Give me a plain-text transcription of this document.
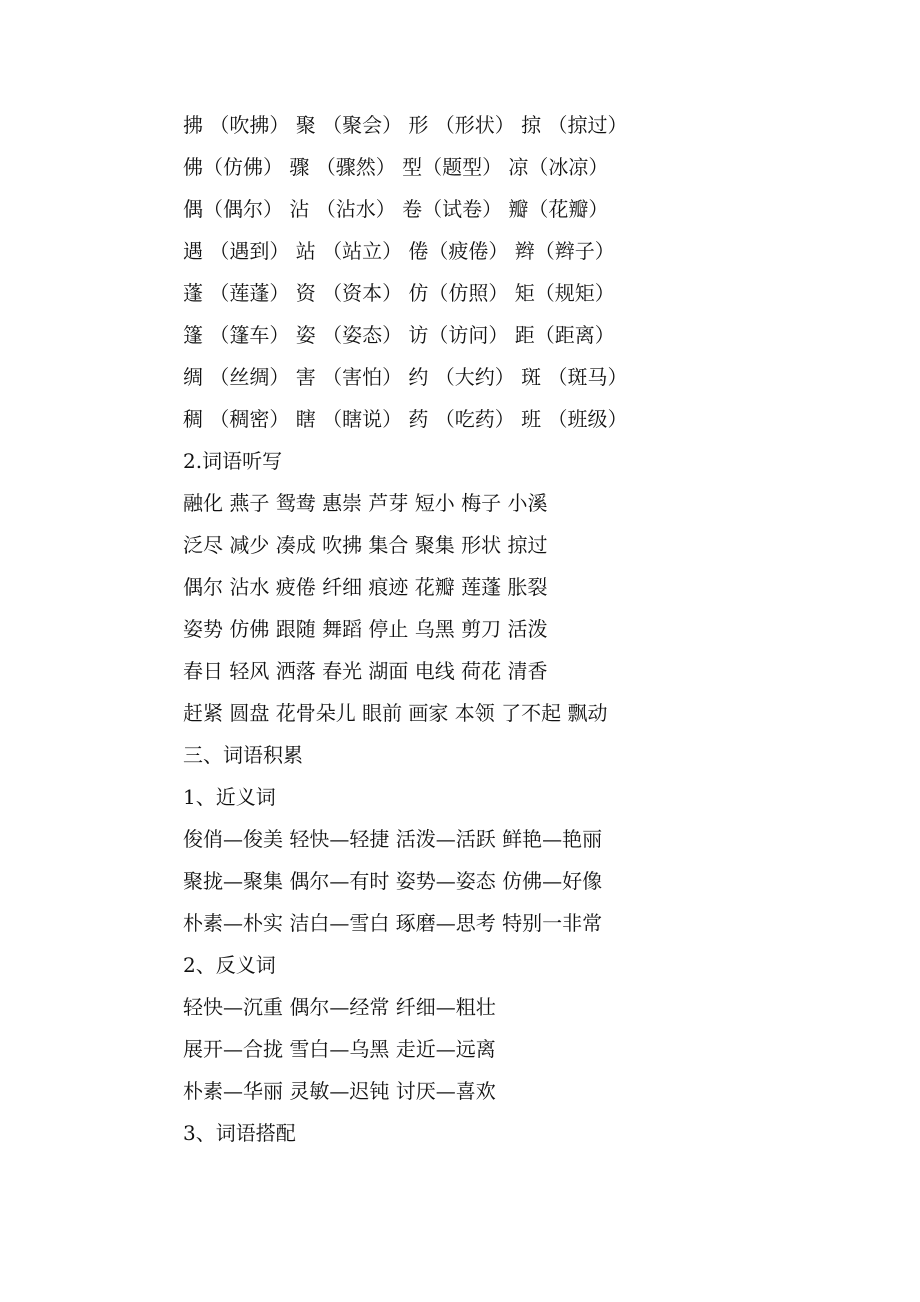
拂 （吹拂） 聚 （聚会） 形 （形状） 掠 （掠过）
佛（仿佛） 骤 （骤然） 型（题型） 凉（冰凉）
偶（偶尔） 沾 （沾水） 卷（试卷） 瓣（花瓣）
遇 （遇到） 站 （站立） 倦（疲倦） 辫（辫子）
蓬 （莲蓬） 资 （资本） 仿（仿照） 矩（规矩）
篷 （篷车） 姿 （姿态） 访（访问） 距（距离）
绸 （丝绸） 害 （害怕） 约 （大约） 斑 （斑马）
稠 （稠密） 瞎 （瞎说） 药 （吃药） 班 （班级）
2.词语听写
融化 燕子 鸳鸯 惠崇 芦芽 短小 梅子 小溪
泛尽 减少 凑成 吹拂 集合 聚集 形状 掠过
偶尔 沾水 疲倦 纤细 痕迹 花瓣 莲蓬 胀裂
姿势 仿佛 跟随 舞蹈 停止 乌黑 剪刀 活泼
春日 轻风 洒落 春光 湖面 电线 荷花 清香
赶紧 圆盘 花骨朵儿 眼前 画家 本领 了不起 飘动
三、词语积累
1、近义词
俊俏—俊美 轻快—轻捷 活泼—活跃 鲜艳—艳丽
聚拢—聚集 偶尔—有时 姿势—姿态 仿佛—好像
朴素—朴实 洁白—雪白 琢磨—思考 特别一非常
2、反义词
轻快—沉重 偶尔—经常 纤细—粗壮
展开—合拢 雪白—乌黑 走近—远离
朴素—华丽 灵敏—迟钝 讨厌—喜欢
3、词语搭配
